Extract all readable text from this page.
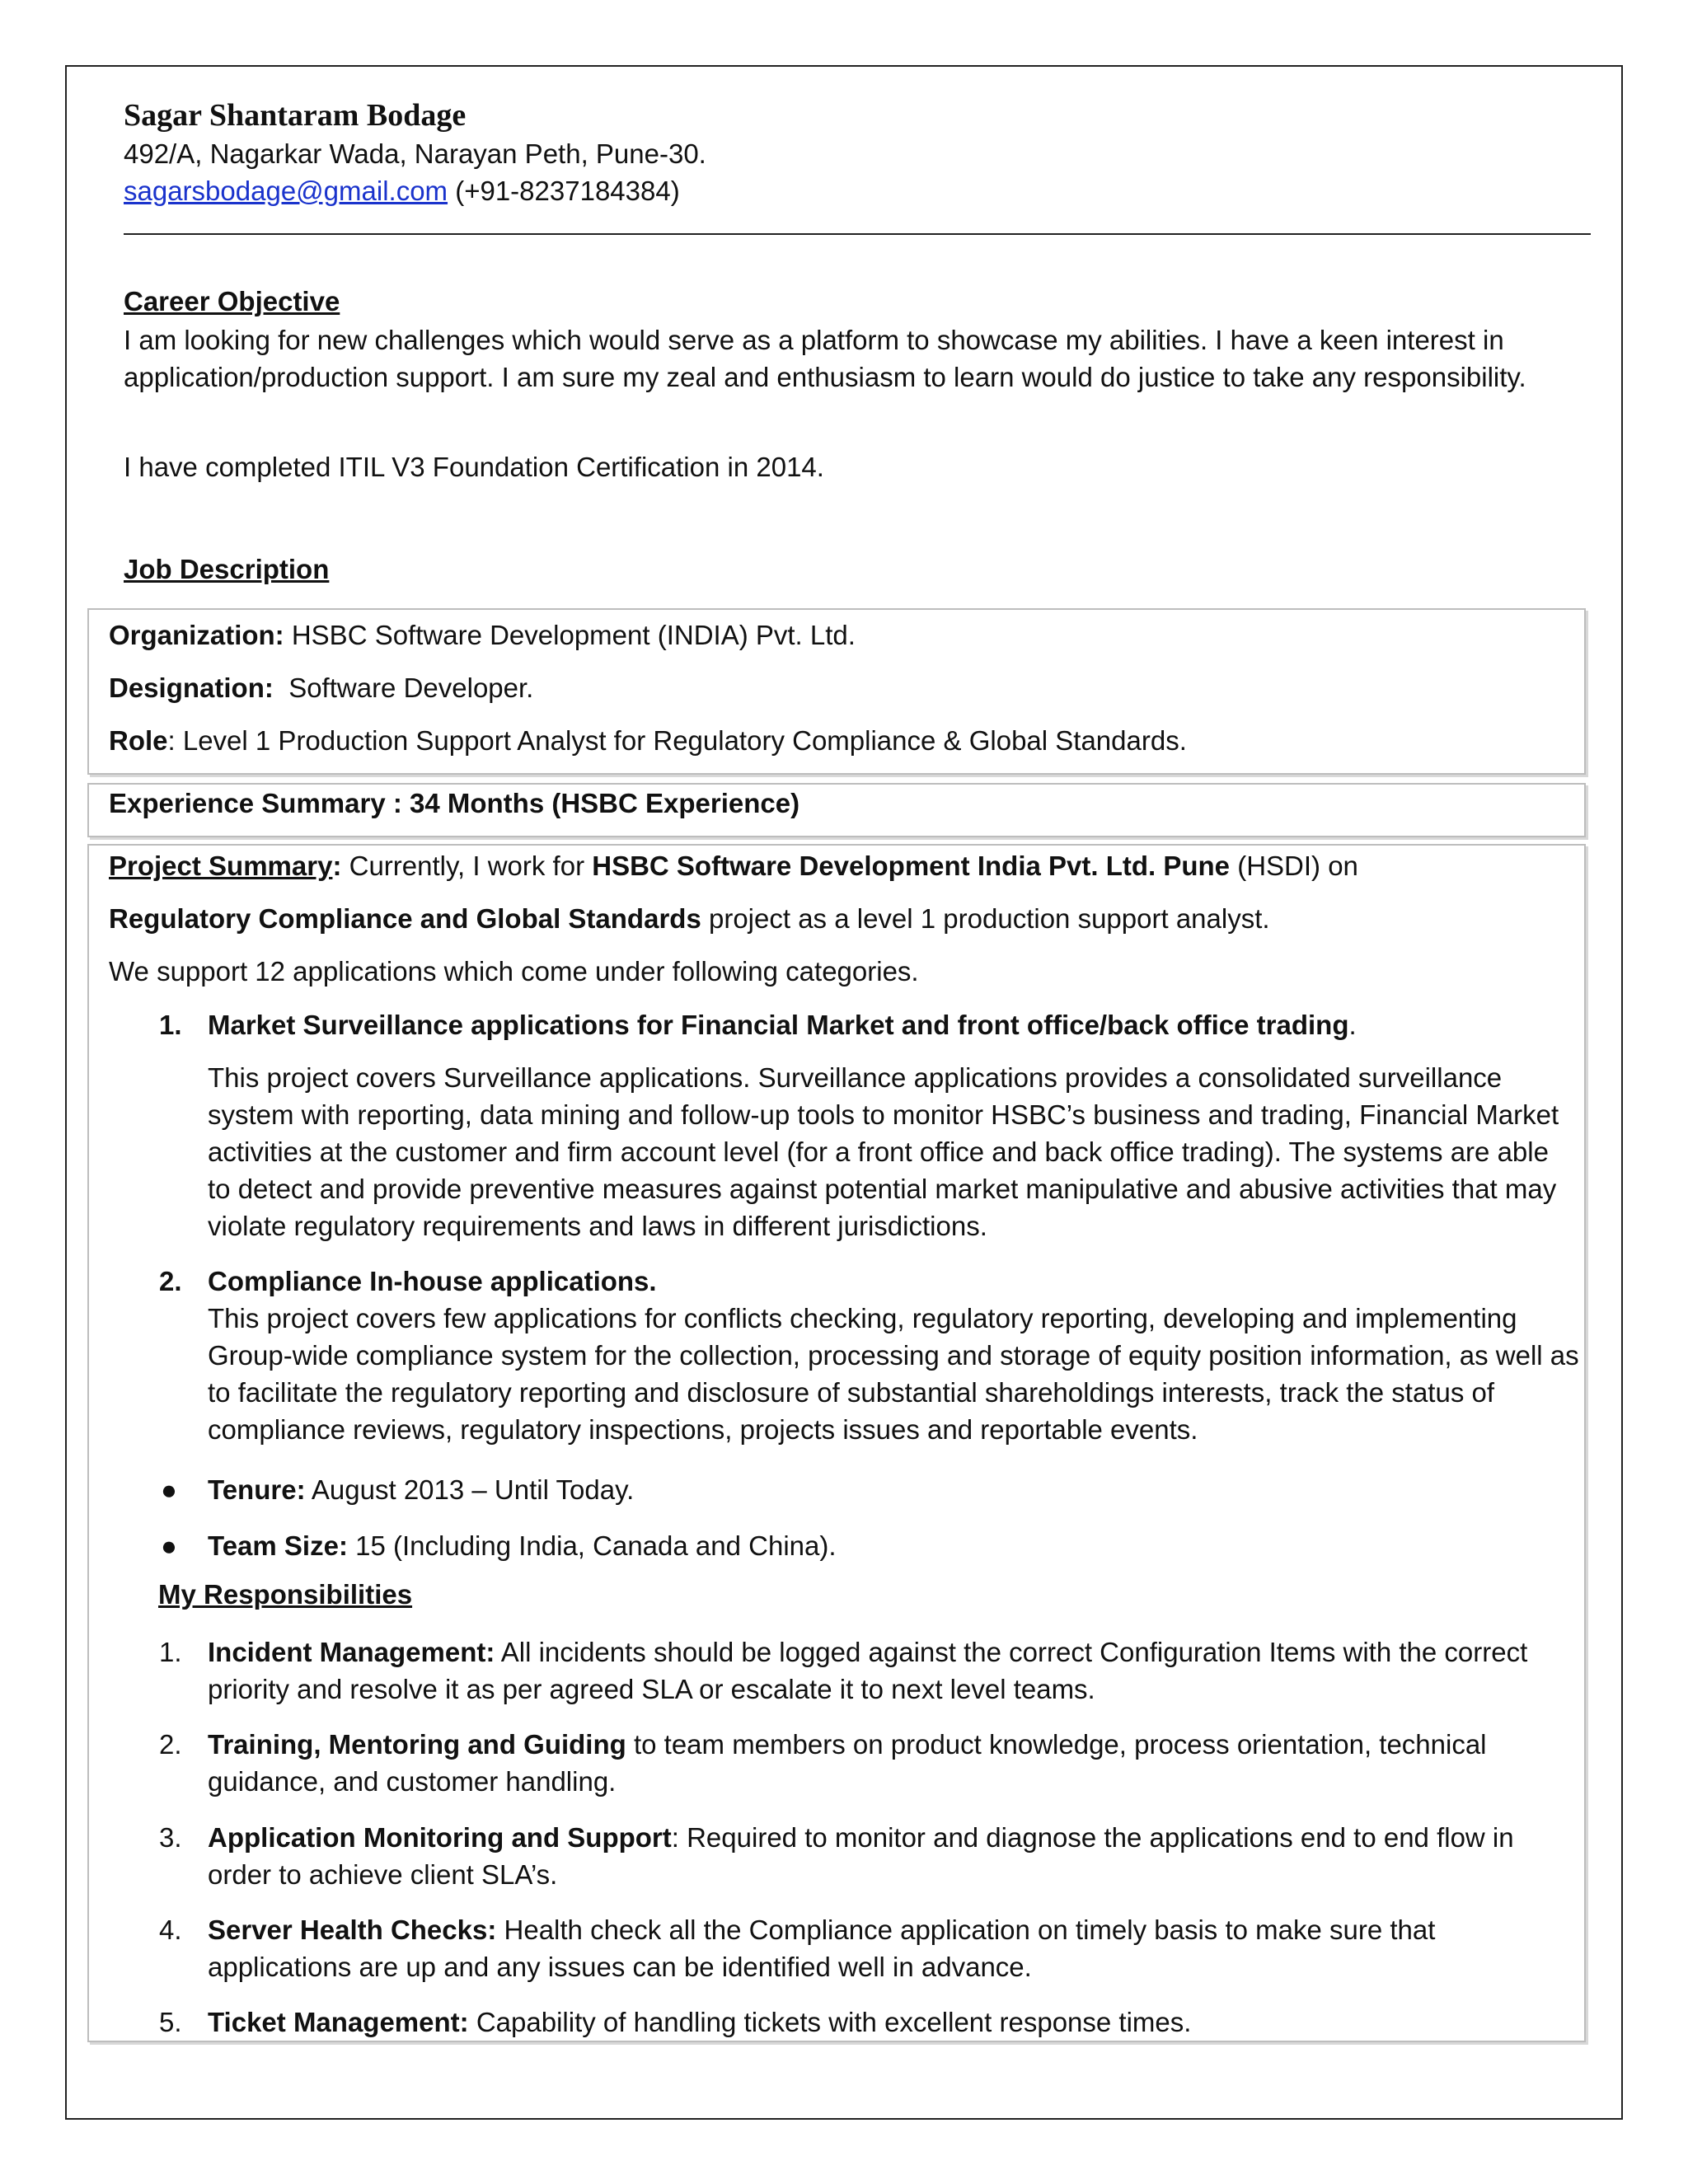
Sagar Shantaram Bodage
492/A, Nagarkar Wada, Narayan Peth, Pune-30.
sagarsbodage@gmail.com (+91-8237184384)
Career Objective
I am looking for new challenges which would serve as a platform to showcase my abilities. I have a keen interest in application/production support. I am sure my zeal and enthusiasm to learn would do justice to take any responsibility.
I have completed ITIL V3 Foundation Certification in 2014.
Job Description
Organization: HSBC Software Development (INDIA) Pvt. Ltd.
Designation: Software Developer.
Role: Level 1 Production Support Analyst for Regulatory Compliance & Global Standards.
Experience Summary : 34 Months (HSBC Experience)
Project Summary: Currently, I work for HSBC Software Development India Pvt. Ltd. Pune (HSDI) on
Regulatory Compliance and Global Standards project as a level 1 production support analyst.
We support 12 applications which come under following categories.
1. Market Surveillance applications for Financial Market and front office/back office trading.
This project covers Surveillance applications. Surveillance applications provides a consolidated surveillance system with reporting, data mining and follow-up tools to monitor HSBC’s business and trading, Financial Market activities at the customer and firm account level (for a front office and back office trading). The systems are able to detect and provide preventive measures against potential market manipulative and abusive activities that may violate regulatory requirements and laws in different jurisdictions.
2. Compliance In-house applications.
This project covers few applications for conflicts checking, regulatory reporting, developing and implementing Group-wide compliance system for the collection, processing and storage of equity position information, as well as to facilitate the regulatory reporting and disclosure of substantial shareholdings interests, track the status of compliance reviews, regulatory inspections, projects issues and reportable events.
● Tenure: August 2013 – Until Today.
● Team Size: 15 (Including India, Canada and China).
My Responsibilities
1. Incident Management: All incidents should be logged against the correct Configuration Items with the correct priority and resolve it as per agreed SLA or escalate it to next level teams.
2. Training, Mentoring and Guiding to team members on product knowledge, process orientation, technical guidance, and customer handling.
3. Application Monitoring and Support: Required to monitor and diagnose the applications end to end flow in order to achieve client SLA’s.
4. Server Health Checks: Health check all the Compliance application on timely basis to make sure that applications are up and any issues can be identified well in advance.
5. Ticket Management: Capability of handling tickets with excellent response times.
